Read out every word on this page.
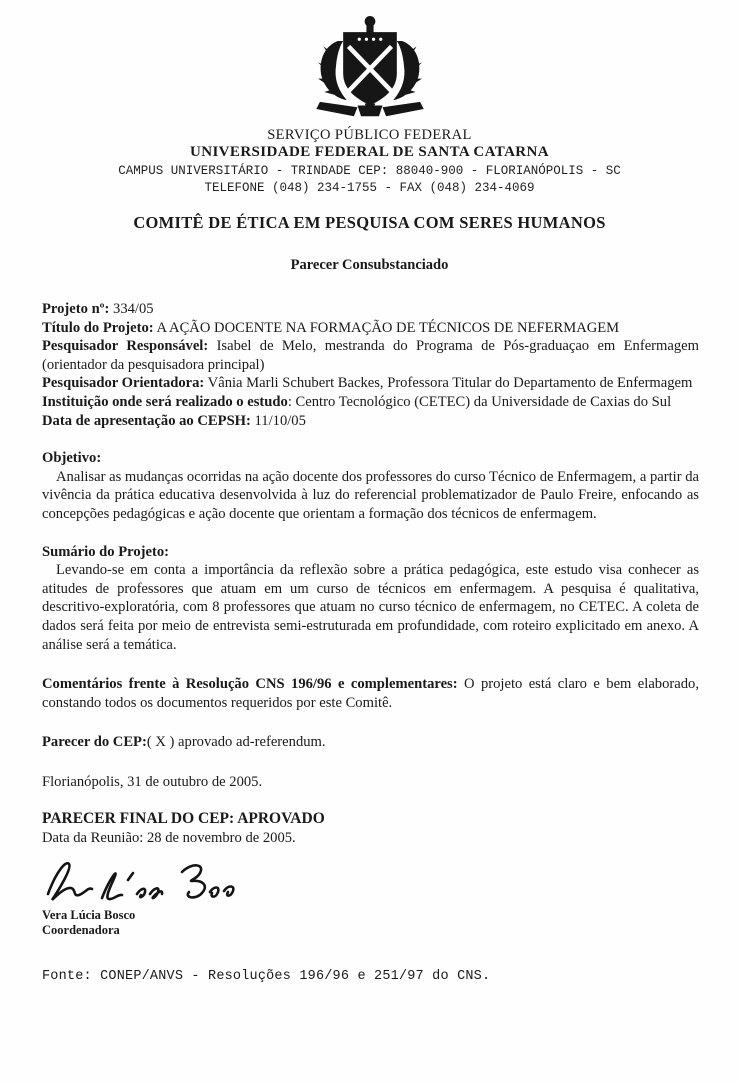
SERVIÇO PÚBLICO FEDERAL
UNIVERSIDADE FEDERAL DE SANTA CATARNA
CAMPUS UNIVERSITÁRIO - TRINDADE CEP: 88040-900 - FLORIANÓPOLIS - SC
TELEFONE (048) 234-1755 - FAX (048) 234-4069
COMITÊ DE ÉTICA EM PESQUISA COM SERES HUMANOS
Parecer Consubstanciado

Projeto nº: 334/05

Título do Projeto: A AÇÃO DOCENTE NA FORMAÇÃO DE TÉCNICOS DE NEFERMAGEM

Pesquisador Responsável: Isabel de Melo, mestranda do Programa de Pós-graduaçao em Enfermagem (orientador da pesquisadora principal)

Pesquisador Orientadora: Vânia Marli Schubert Backes, Professora Titular do Departamento de Enfermagem

Instituição onde será realizado o estudo: Centro Tecnológico (CETEC) da Universidade de Caxias do Sul

Data de apresentação ao CEPSH: 11/10/05

Objetivo:

Analisar as mudanças ocorridas na ação docente dos professores do curso Técnico de Enfermagem, a partir da vivência da prática educativa desenvolvida à luz do referencial problematizador de Paulo Freire, enfocando as concepções pedagógicas e ação docente que orientam a formação dos técnicos de enfermagem.

Sumário do Projeto:

Levando-se em conta a importância da reflexão sobre a prática pedagógica, este estudo visa conhecer as atitudes de professores que atuam em um curso de técnicos em enfermagem. A pesquisa é qualitativa, descritivo-exploratória, com 8 professores que atuam no curso técnico de enfermagem, no CETEC. A coleta de dados será feita por meio de entrevista semi-estruturada em profundidade, com roteiro explicitado em anexo. A análise será a temática.

Comentários frente à Resolução CNS 196/96 e complementares: O projeto está claro e bem elaborado, constando todos os documentos requeridos por este Comitê.

Parecer do CEP:( X ) aprovado ad-referendum.

Florianópolis, 31 de outubro de 2005.

PARECER FINAL DO CEP: APROVADO

Data da Reunião: 28 de novembro de 2005.

Vera Lúcia Bosco
Coordenadora

Fonte: CONEP/ANVS - Resoluções 196/96 e 251/97 do CNS.
